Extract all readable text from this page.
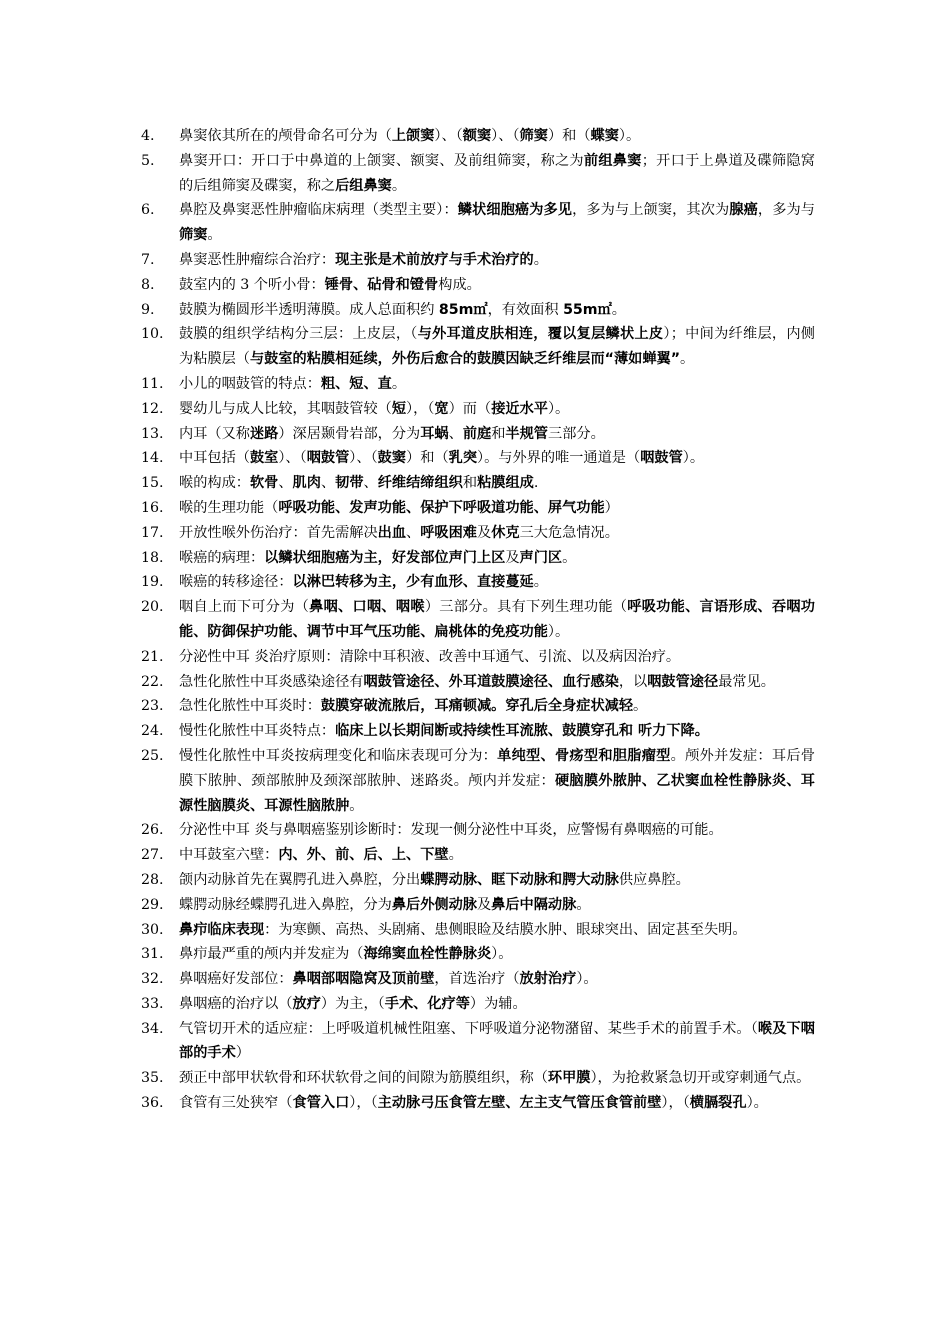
4.	鼻窦依其所在的颅骨命名可分为（上颌窦）、（额窦）、（筛窦）和（蝶窦）。
5.	鼻窦开口：开口于中鼻道的上颌窦、额窦、及前组筛窦，称之为前组鼻窦；开口于上鼻道及碟筛隐窝的后组筛窦及碟窦，称之后组鼻窦。
6.	鼻腔及鼻窦恶性肿瘤临床病理（类型主要）：鳞状细胞癌为多见，多为与上颌窦，其次为腺癌，多为与筛窦。
7.	鼻窦恶性肿瘤综合治疗：现主张是术前放疗与手术治疗的。
8.	鼓室内的 3 个听小骨：锤骨、砧骨和镫骨构成。
9.	鼓膜为椭圆形半透明薄膜。成人总面积约 85m㎡，有效面积 55m㎡。
10.	鼓膜的组织学结构分三层：上皮层，（与外耳道皮肤相连，覆以复层鳞状上皮）；中间为纤维层，内侧为粘膜层（与鼓室的粘膜相延续，外伤后愈合的鼓膜因缺乏纤维层而“薄如蝉翼”。
11.	小儿的咽鼓管的特点：粗、短、直。
12.	婴幼儿与成人比较，其咽鼓管较（短），（宽）而（接近水平）。
13.	内耳（又称迷路）深居颞骨岩部，分为耳蜗、前庭和半规管三部分。
14.	中耳包括（鼓室）、（咽鼓管）、（鼓窦）和（乳突）。与外界的唯一通道是（咽鼓管）。
15.	喉的构成：软骨、肌肉、韧带、纤维结缔组织和粘膜组成.
16.	喉的生理功能（呼吸功能、发声功能、保护下呼吸道功能、屏气功能）
17.	开放性喉外伤治疗：首先需解决出血、呼吸困难及休克三大危急情况。
18.	喉癌的病理：以鳞状细胞癌为主，好发部位声门上区及声门区。
19.	喉癌的转移途径：以淋巴转移为主，少有血形、直接蔓延。
20.	咽自上而下可分为（鼻咽、口咽、咽喉）三部分。具有下列生理功能（呼吸功能、言语形成、吞咽功能、防御保护功能、调节中耳气压功能、扁桃体的免疫功能）。
21.	分泌性中耳 炎治疗原则：清除中耳积液、改善中耳通气、引流、以及病因治疗。
22.	急性化脓性中耳炎感染途径有咽鼓管途径、外耳道鼓膜途径、血行感染，以咽鼓管途径最常见。
23.	急性化脓性中耳炎时：鼓膜穿破流脓后，耳痛顿减。穿孔后全身症状减轻。
24.	慢性化脓性中耳炎特点：临床上以长期间断或持续性耳流脓、鼓膜穿孔和 听力下降。
25.	慢性化脓性中耳炎按病理变化和临床表现可分为：单纯型、骨疡型和胆脂瘤型。颅外并发症：耳后骨膜下脓肿、颈部脓肿及颈深部脓肿、迷路炎。颅内并发症：硬脑膜外脓肿、乙状窦血栓性静脉炎、耳源性脑膜炎、耳源性脑脓肿。
26.	分泌性中耳 炎与鼻咽癌鉴别诊断时：发现一侧分泌性中耳炎，应警惕有鼻咽癌的可能。
27.	中耳鼓室六壁：内、外、前、后、上、下壁。
28.	颌内动脉首先在翼腭孔进入鼻腔，分出蝶腭动脉、眶下动脉和腭大动脉供应鼻腔。
29.	蝶腭动脉经蝶腭孔进入鼻腔，分为鼻后外侧动脉及鼻后中隔动脉。
30.	鼻疖临床表现：为寒颤、高热、头剧痛、患侧眼睑及结膜水肿、眼球突出、固定甚至失明。
31.	鼻疖最严重的颅内并发症为（海绵窦血栓性静脉炎）。
32.	鼻咽癌好发部位：鼻咽部咽隐窝及顶前壁，首选治疗（放射治疗）。
33.	鼻咽癌的治疗以（放疗）为主，（手术、化疗等）为辅。
34.	气管切开术的适应症：上呼吸道机械性阻塞、下呼吸道分泌物潴留、某些手术的前置手术。（喉及下咽部的手术）
35.	颈正中部甲状软骨和环状软骨之间的间隙为筋膜组织，称（环甲膜），为抢救紧急切开或穿刺通气点。
36.	食管有三处狭窄（食管入口），（主动脉弓压食管左壁、左主支气管压食管前壁），（横膈裂孔）。
